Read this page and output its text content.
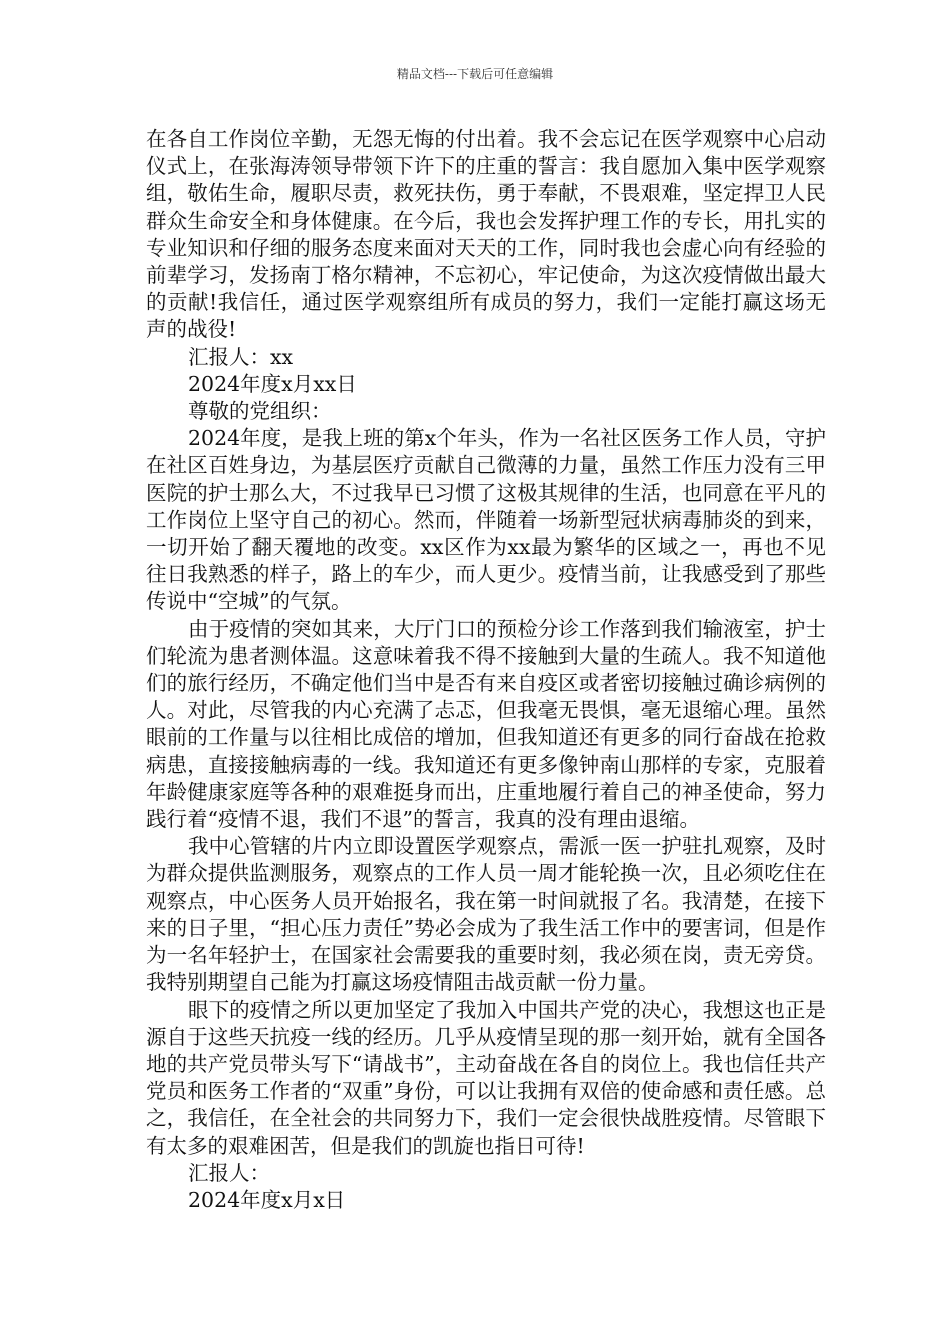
精品文档---下载后可任意编辑

在各自工作岗位辛勤，无怨无悔的付出着。我不会忘记在医学观察中心启动仪式上，在张海涛领导带领下许下的庄重的誓言：我自愿加入集中医学观察组，敬佑生命，履职尽责，救死扶伤，勇于奉献，不畏艰难，坚定捍卫人民群众生命安全和身体健康。在今后，我也会发挥护理工作的专长，用扎实的专业知识和仔细的服务态度来面对天天的工作，同时我也会虚心向有经验的前辈学习，发扬南丁格尔精神，不忘初心，牢记使命，为这次疫情做出最大的贡献!我信任，通过医学观察组所有成员的努力，我们一定能打赢这场无声的战役!

汇报人：xx

2024年度x月xx日

尊敬的党组织：

2024年度，是我上班的第x个年头，作为一名社区医务工作人员，守护在社区百姓身边，为基层医疗贡献自己微薄的力量，虽然工作压力没有三甲医院的护士那么大，不过我早已习惯了这极其规律的生活，也同意在平凡的工作岗位上坚守自己的初心。然而，伴随着一场新型冠状病毒肺炎的到来，一切开始了翻天覆地的改变。xx区作为xx最为繁华的区域之一，再也不见往日我熟悉的样子，路上的车少，而人更少。疫情当前，让我感受到了那些传说中“空城”的气氛。

由于疫情的突如其来，大厅门口的预检分诊工作落到我们输液室，护士们轮流为患者测体温。这意味着我不得不接触到大量的生疏人。我不知道他们的旅行经历，不确定他们当中是否有来自疫区或者密切接触过确诊病例的人。对此，尽管我的内心充满了忐忑，但我毫无畏惧，毫无退缩心理。虽然眼前的工作量与以往相比成倍的增加，但我知道还有更多的同行奋战在抢救病患，直接接触病毒的一线。我知道还有更多像钟南山那样的专家，克服着年龄健康家庭等各种的艰难挺身而出，庄重地履行着自己的神圣使命，努力践行着“疫情不退，我们不退”的誓言，我真的没有理由退缩。

我中心管辖的片内立即设置医学观察点，需派一医一护驻扎观察，及时为群众提供监测服务，观察点的工作人员一周才能轮换一次，且必须吃住在观察点，中心医务人员开始报名，我在第一时间就报了名。我清楚，在接下来的日子里，“担心压力责任”势必会成为了我生活工作中的要害词，但是作为一名年轻护士，在国家社会需要我的重要时刻，我必须在岗，责无旁贷。我特别期望自己能为打赢这场疫情阻击战贡献一份力量。

眼下的疫情之所以更加坚定了我加入中国共产党的决心，我想这也正是源自于这些天抗疫一线的经历。几乎从疫情呈现的那一刻开始，就有全国各地的共产党员带头写下“请战书”，主动奋战在各自的岗位上。我也信任共产党员和医务工作者的“双重”身份，可以让我拥有双倍的使命感和责任感。总之，我信任，在全社会的共同努力下，我们一定会很快战胜疫情。尽管眼下有太多的艰难困苦，但是我们的凯旋也指日可待!

汇报人：

2024年度x月x日
